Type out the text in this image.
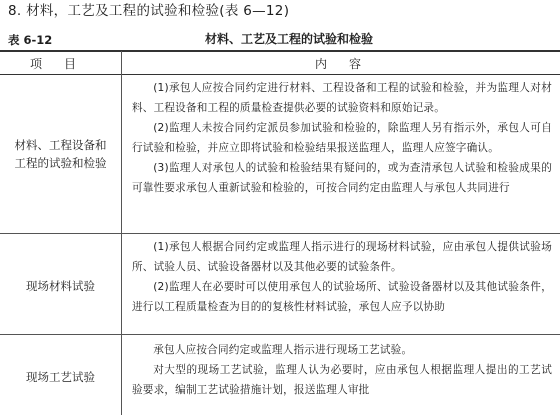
8. 材料，工艺及工程的试验和检验(表 6—12)
表 6-12	材料、工艺及工程的试验和检验
项目	内容
材料、工程设备和
工程的试验和检验
(1)承包人应按合同约定进行材料、工程设备和工程的试验和检验，并为监理人对材料、工程设备和工程的质量检查提供必要的试验资料和原始记录。
(2)监理人未按合同约定派员参加试验和检验的，除监理人另有指示外，承包人可自行试验和检验，并应立即将试验和检验结果报送监理人，监理人应签字确认。
(3)监理人对承包人的试验和检验结果有疑问的，或为查清承包人试验和检验成果的可靠性要求承包人重新试验和检验的，可按合同约定由监理人与承包人共同进行
现场材料试验
(1)承包人根据合同约定或监理人指示进行的现场材料试验，应由承包人提供试验场所、试验人员、试验设备器材以及其他必要的试验条件。
(2)监理人在必要时可以使用承包人的试验场所、试验设备器材以及其他试验条件，进行以工程质量检查为目的的复核性材料试验，承包人应予以协助
现场工艺试验
承包人应按合同约定或监理人指示进行现场工艺试验。
对大型的现场工艺试验，监理人认为必要时，应由承包人根据监理人提出的工艺试验要求，编制工艺试验措施计划，报送监理人审批
